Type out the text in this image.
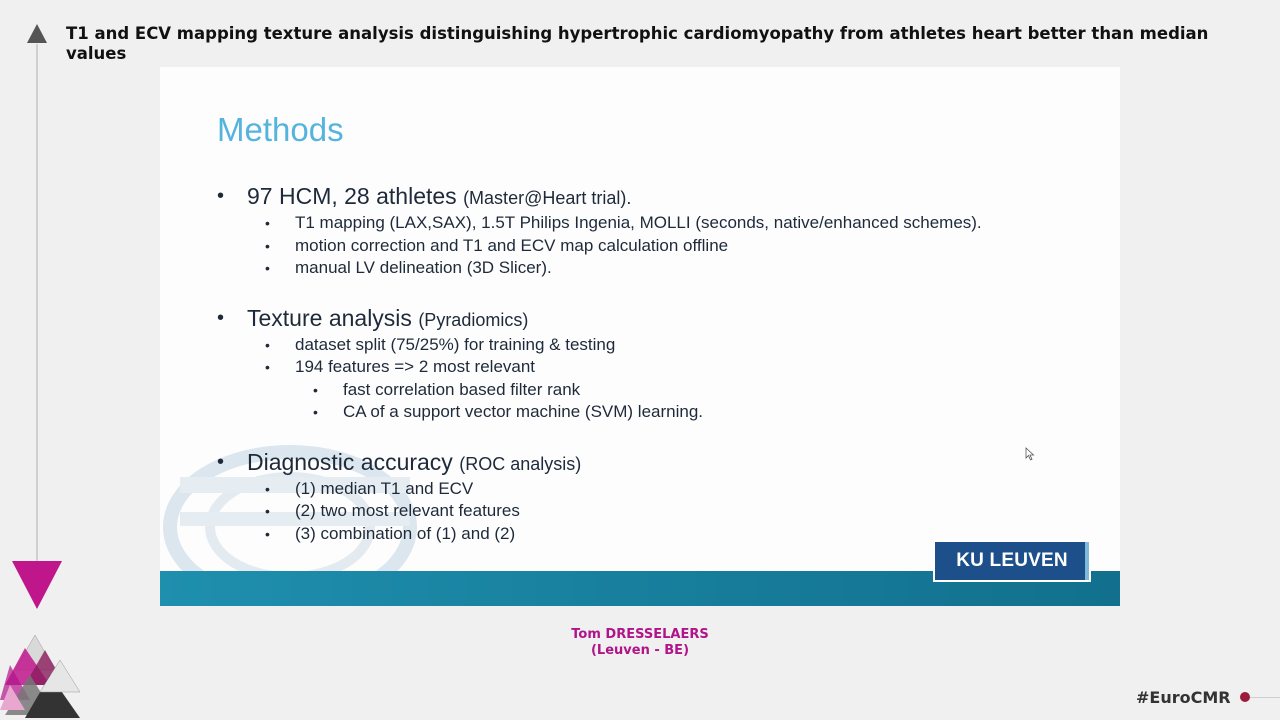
T1 and ECV mapping texture analysis distinguishing hypertrophic cardiomyopathy from athletes heart better than median values
Methods
• 97 HCM, 28 athletes (Master@Heart trial).
• T1 mapping (LAX,SAX), 1.5T Philips Ingenia, MOLLI (seconds, native/enhanced schemes).
• motion correction and T1 and ECV map calculation offline
• manual LV delineation (3D Slicer).
• Texture analysis (Pyradiomics)
• dataset split (75/25%) for training & testing
• 194 features => 2 most relevant
• fast correlation based filter rank
• CA of a support vector machine (SVM) learning.
• Diagnostic accuracy (ROC analysis)
• (1) median T1 and ECV
• (2) two most relevant features
• (3) combination of (1) and (2)
KU LEUVEN
Tom DRESSELAERS
(Leuven - BE)
#EuroCMR
